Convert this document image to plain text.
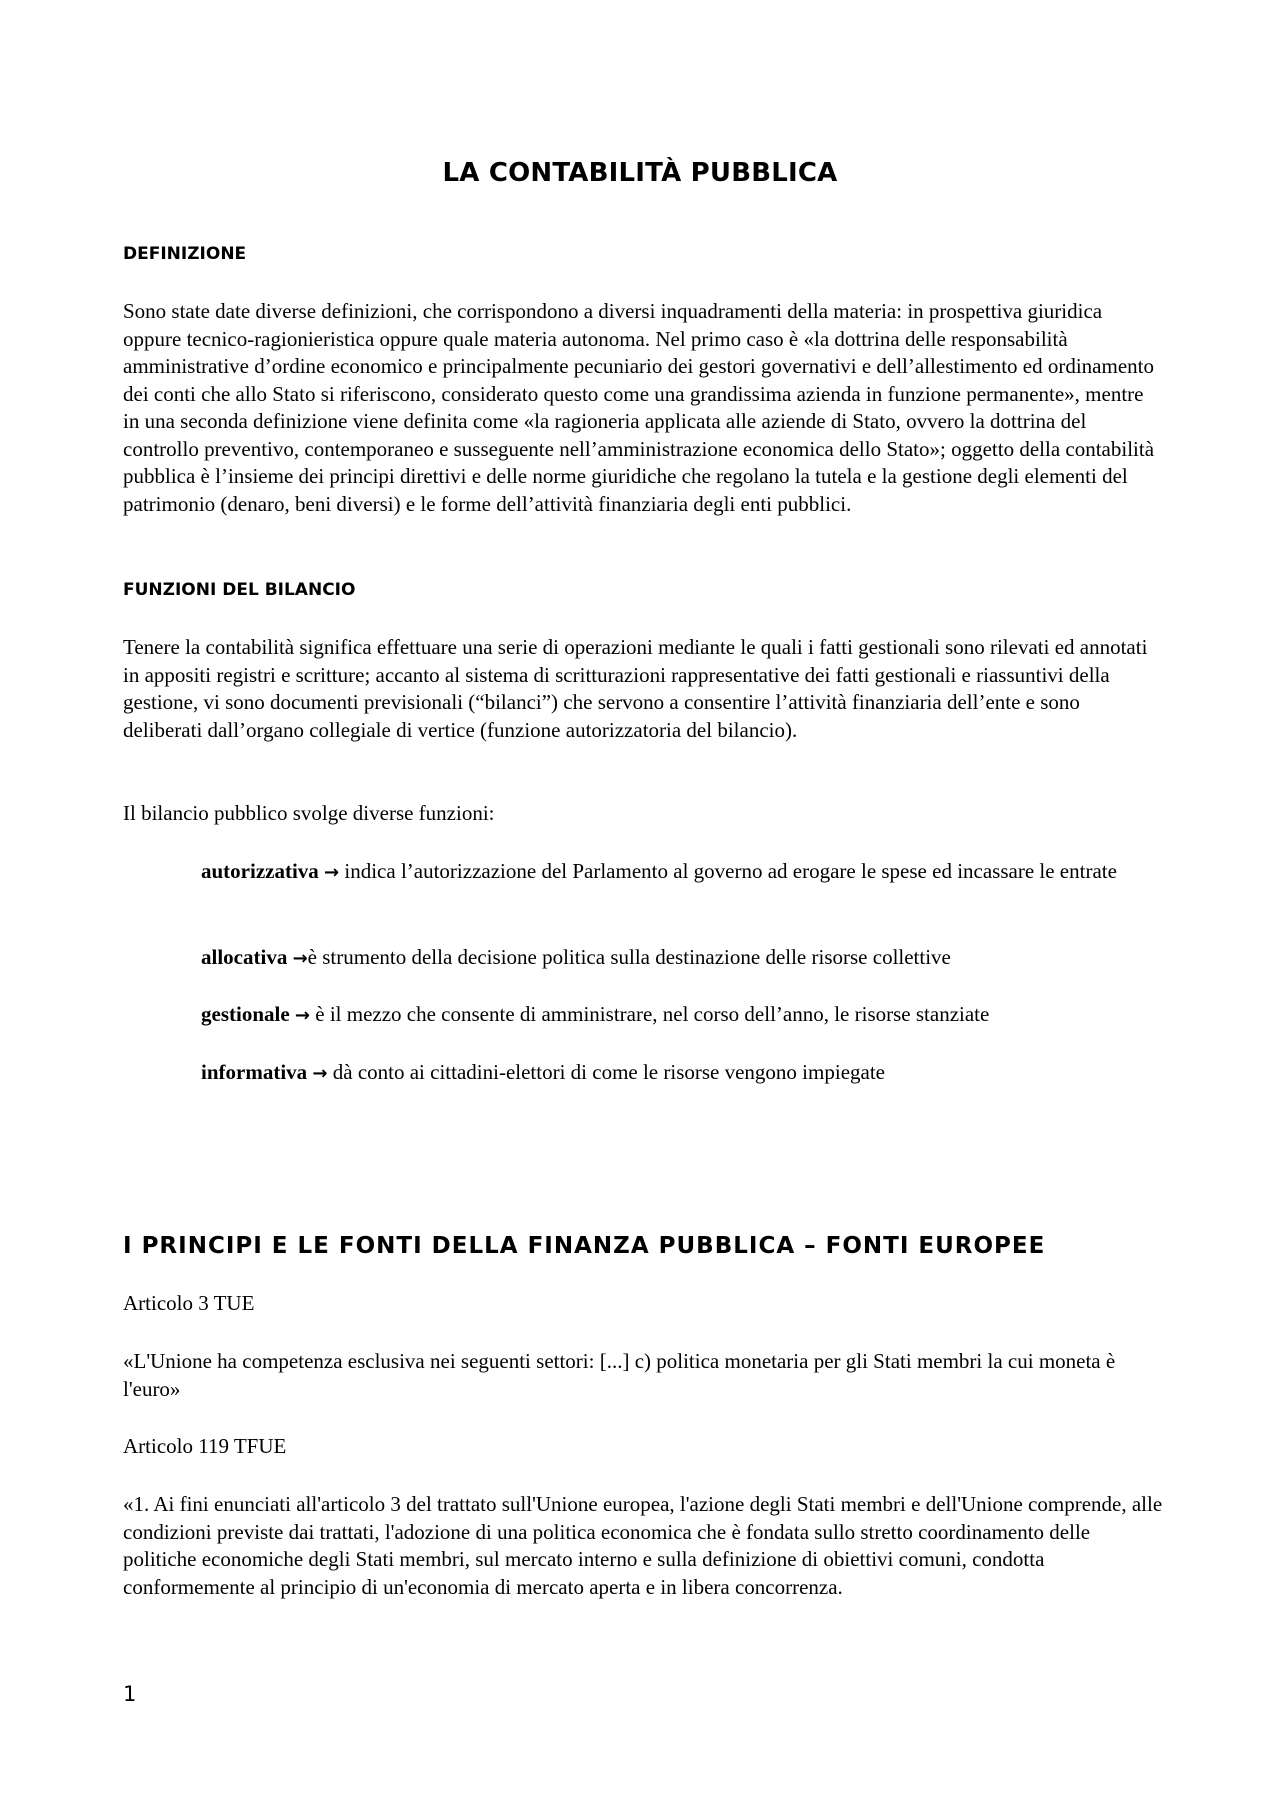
LA CONTABILITÀ PUBBLICA
DEFINIZIONE

Sono state date diverse definizioni, che corrispondono a diversi inquadramenti della materia: in prospettiva giuridica oppure tecnico-ragionieristica oppure quale materia autonoma. Nel primo caso è «la dottrina delle responsabilità amministrative d’ordine economico e principalmente pecuniario dei gestori governativi e dell’allestimento ed ordinamento dei conti che allo Stato si riferiscono, considerato questo come una grandissima azienda in funzione permanente», mentre in una seconda definizione viene definita come «la ragioneria applicata alle aziende di Stato, ovvero la dottrina del controllo preventivo, contemporaneo e susseguente nell’amministrazione economica dello Stato»; oggetto della contabilità pubblica è l’insieme dei principi direttivi e delle norme giuridiche che regolano la tutela e la gestione degli elementi del patrimonio (denaro, beni diversi) e le forme dell’attività finanziaria degli enti pubblici.

FUNZIONI DEL BILANCIO

Tenere la contabilità significa effettuare una serie di operazioni mediante le quali i fatti gestionali sono rilevati ed annotati in appositi registri e scritture; accanto al sistema di scritturazioni rappresentative dei fatti gestionali e riassuntivi della gestione, vi sono documenti previsionali (“bilanci”) che servono a consentire l’attività finanziaria dell’ente e sono deliberati dall’organo collegiale di vertice (funzione autorizzatoria del bilancio).

Il bilancio pubblico svolge diverse funzioni:

autorizzativa → indica l’autorizzazione del Parlamento al governo ad erogare le spese ed incassare le entrate

allocativa →è strumento della decisione politica sulla destinazione delle risorse collettive

gestionale → è il mezzo che consente di amministrare, nel corso dell’anno, le risorse stanziate

informativa → dà conto ai cittadini-elettori di come le risorse vengono impiegate

I PRINCIPI E LE FONTI DELLA FINANZA PUBBLICA – FONTI EUROPEE

Articolo 3 TUE

«L'Unione ha competenza esclusiva nei seguenti settori: [...] c) politica monetaria per gli Stati membri la cui moneta è l'euro»

Articolo 119 TFUE

«1. Ai fini enunciati all'articolo 3 del trattato sull'Unione europea, l'azione degli Stati membri e dell'Unione comprende, alle condizioni previste dai trattati, l'adozione di una politica economica che è fondata sullo stretto coordinamento delle politiche economiche degli Stati membri, sul mercato interno e sulla definizione di obiettivi comuni, condotta conformemente al principio di un'economia di mercato aperta e in libera concorrenza.

1
